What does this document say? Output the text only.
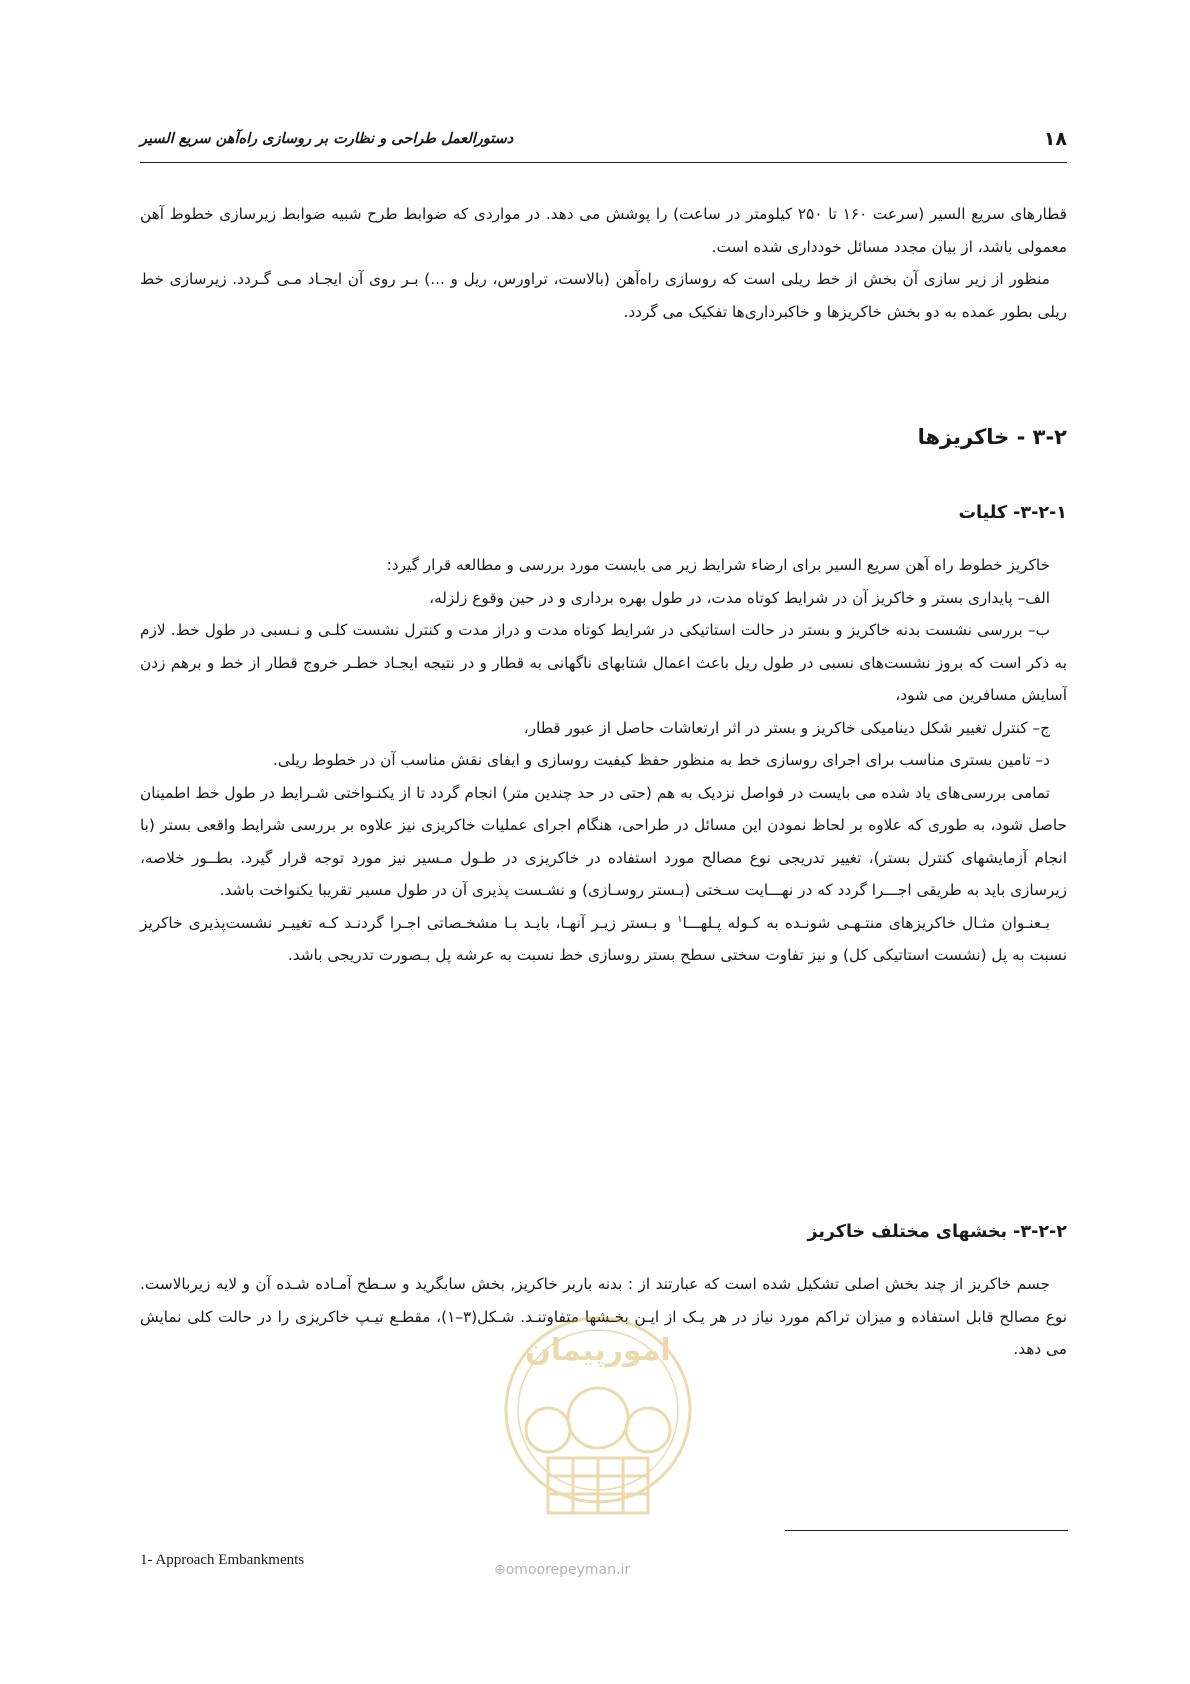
۱۸
دستورالعمل طراحی و نظارت بر روسازی راه‌آهن سریع السیر

قطارهای سریع السیر (سرعت ۱۶۰ تا ۲۵۰ کیلومتر در ساعت) را پوشش می دهد. در مواردی که ضوابط طرح شبیه ضوابط زیرسازی خطوط آهن معمولی باشد، از بیان مجدد مسائل خودداری شده است.

منظور از زیر سازی آن بخش از خط ریلی است که روسازی راه‌آهن (بالاست، تراورس، ریل و ...) بـر روی آن ایجـاد مـی گـردد. زیرسازی خط ریلی بطور عمده به دو بخش خاکریزها و خاکبرداری‌ها تفکیک می گردد.

۳-۲ - خاکریزها
۳-۲-۱- کلیات

خاکریز خطوط راه آهن سریع السیر برای ارضاء شرایط زیر می بایست مورد بررسی و مطالعه قرار گیرد:

الف– پایداری بستر و خاکریز آن در شرایط کوتاه مدت، در طول بهره برداری و در حین وقوع زلزله،

ب– بررسی نشست بدنه خاکریز و بستر در حالت استاتیکی در شرایط کوتاه مدت و دراز مدت و کنترل نشست کلـی و نـسبی در طول خط. لازم به ذکر است که بروز نشست‌های نسبی در طول ریل باعث اعمال شتابهای ناگهانی به قطار و در نتیجه ایجـاد خطـر خروج قطار از خط و برهم زدن آسایش مسافرین می شود،

ج– کنترل تغییر شکل دینامیکی خاکریز و بستر در اثر ارتعاشات حاصل از عبور قطار،

د– تامین بستری مناسب برای اجرای روسازی خط به منظور حفظ کیفیت روسازی و ایفای نقش مناسب آن در خطوط ریلی.

تمامی بررسی‌های یاد شده می بایست در فواصل نزدیک به هم (حتی در حد چندین متر) انجام گردد تا از یکنـواختی شـرایط در طول خط اطمینان حاصل شود، به طوری که علاوه بر لحاظ نمودن این مسائل در طراحی، هنگام اجرای عملیات خاکریزی نیز علاوه بر بررسی شرایط واقعی بستر (با انجام آزمایشهای کنترل بستر)، تغییر تدریجی نوع مصالح مورد استفاده در خاکریزی در طـول مـسیر نیز مورد توجه قرار گیرد. بطــور خلاصه، زیرسازی باید به طریقی اجـــرا گردد که در نهـــایت سـختی (بـستر روسـازی) و نشـست پذیری آن در طول مسیر تقریبا یکنواخت باشد.

بـعنـوان مثـال خاکریزهای منتـهـی شونـده به کـوله پـلهـــا$^۱$ و بـستر زیـر آنهـا، بایـد بـا مشخـصاتی اجـرا گردنـد کـه تغییـر نشست‌پذیری خاکریز نسبت به پل (نشست استاتیکی کل) و نیز تفاوت سختی سطح بستر روسازی خط نسبت به عرشه پل بـصورت تدریجی باشد.

۳-۲-۲- بخشهای مختلف خاکریز

جسم خاکریز از چند بخش اصلی تشکیل شده است که عبارتند از : بدنه باربر خاکریز, بخش سابگرید و سـطح آمـاده شـده آن و لایه زیربالاست. نوع مصالح قابل استفاده و میزان تراکم مورد نیاز در هر یـک از ایـن بخـشها متفاوتنـد. شـکل(۳–۱)، مقطـع تیـپ خاکریزی را در حالت کلی نمایش می دهد.

امورپیمان
⊕omoorepeyman.ir
1- Approach Embankments
